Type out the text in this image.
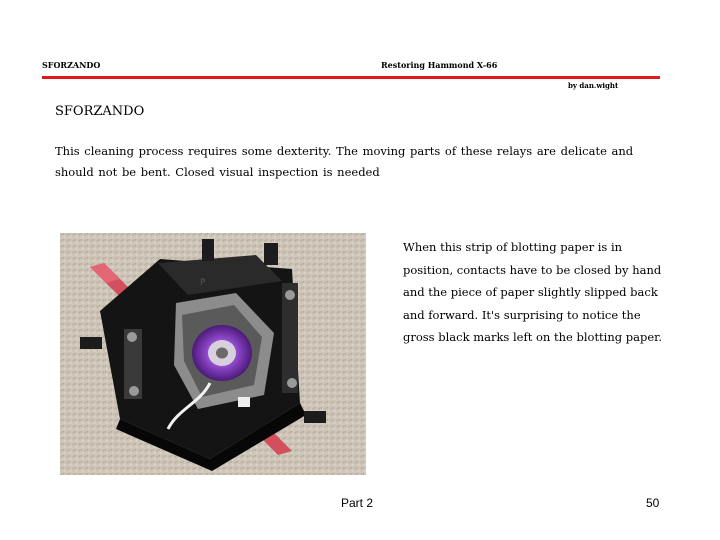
SFORZANDO	Restoring Hammond X-66
by dan.wight
SFORZANDO
This cleaning process requires some dexterity. The moving parts of these relays are delicate and should not be bent. Closed visual inspection is needed
P
When this strip of blotting paper is in position, contacts have to be closed by hand and the piece of paper slightly slipped back and forward. It's surprising to notice the gross black marks left on the blotting paper.
Part 2	50
